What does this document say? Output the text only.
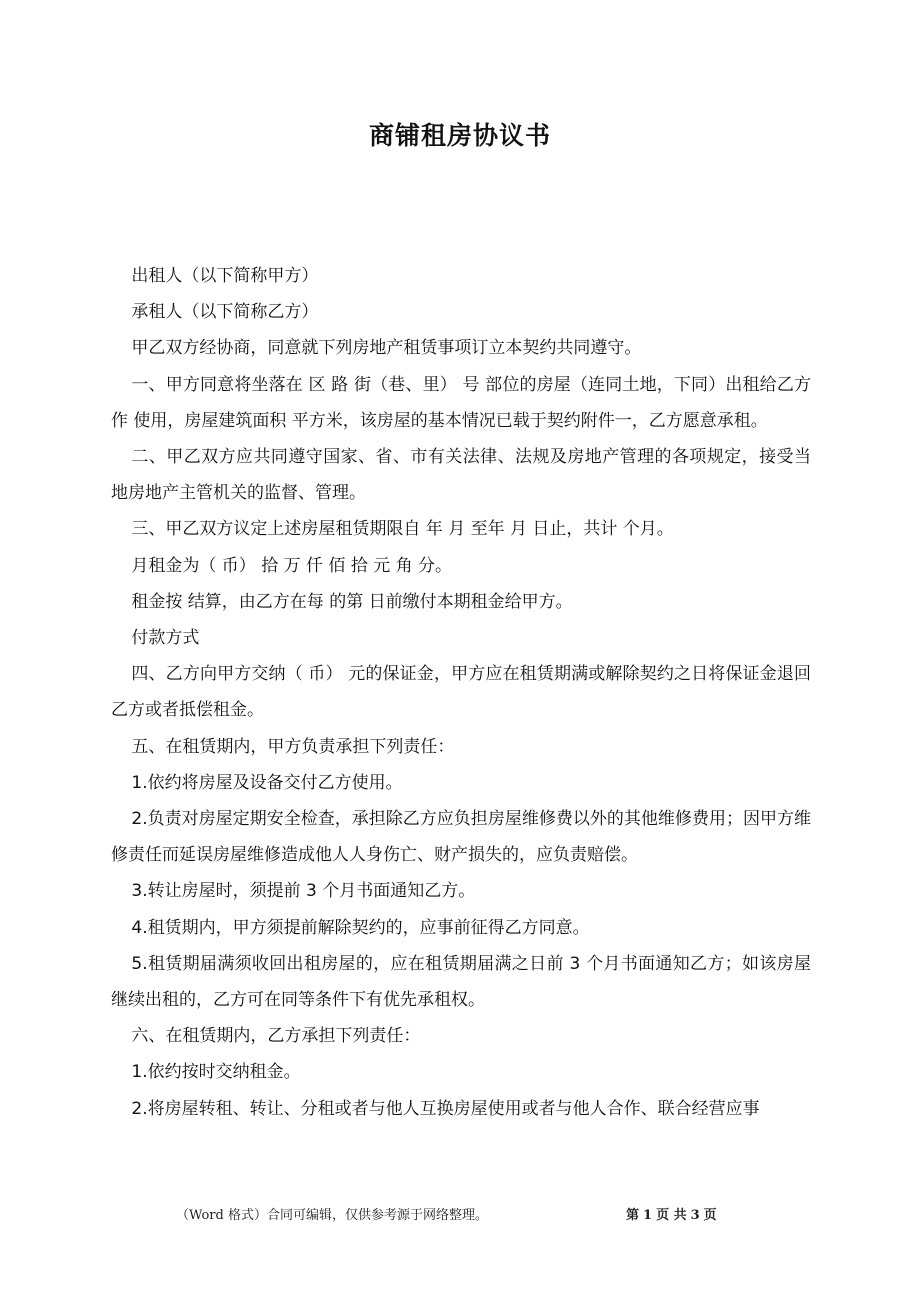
商铺租房协议书

出租人（以下简称甲方）

承租人（以下简称乙方）

甲乙双方经协商，同意就下列房地产租赁事项订立本契约共同遵守。

一、甲方同意将坐落在 区 路 街（巷、里） 号 部位的房屋（连同土地，下同）出租给乙方作 使用，房屋建筑面积 平方米，该房屋的基本情况已载于契约附件一，乙方愿意承租。

二、甲乙双方应共同遵守国家、省、市有关法律、法规及房地产管理的各项规定，接受当地房地产主管机关的监督、管理。

三、甲乙双方议定上述房屋租赁期限自 年 月 至年 月 日止，共计 个月。

月租金为（ 币） 拾 万 仟 佰 拾 元 角 分。

租金按 结算，由乙方在每 的第 日前缴付本期租金给甲方。

付款方式

四、乙方向甲方交纳（ 币） 元的保证金，甲方应在租赁期满或解除契约之日将保证金退回乙方或者抵偿租金。

五、在租赁期内，甲方负责承担下列责任：

1.依约将房屋及设备交付乙方使用。

2.负责对房屋定期安全检查，承担除乙方应负担房屋维修费以外的其他维修费用；因甲方维修责任而延误房屋维修造成他人人身伤亡、财产损失的，应负责赔偿。

3.转让房屋时，须提前 3 个月书面通知乙方。

4.租赁期内，甲方须提前解除契约的，应事前征得乙方同意。

5.租赁期届满须收回出租房屋的，应在租赁期届满之日前 3 个月书面通知乙方；如该房屋继续出租的，乙方可在同等条件下有优先承租权。

六、在租赁期内，乙方承担下列责任：

1.依约按时交纳租金。

2.将房屋转租、转让、分租或者与他人互换房屋使用或者与他人合作、联合经营应事

（Word 格式）合同可编辑，仅供参考源于网络整理。	第 1 页 共 3 页
